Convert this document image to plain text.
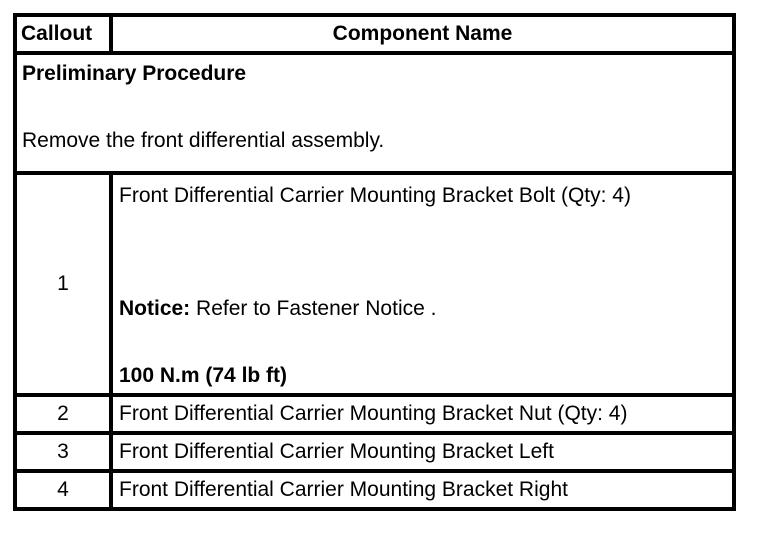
Callout	Component Name

Preliminary Procedure
Remove the front differential assembly.	

1	Front Differential Carrier Mounting Bracket Bolt (Qty: 4)
Notice: Refer to Fastener Notice .
100 N.m (74 lb ft)

2	Front Differential Carrier Mounting Bracket Nut (Qty: 4)
3	Front Differential Carrier Mounting Bracket Left
4	Front Differential Carrier Mounting Bracket Right
